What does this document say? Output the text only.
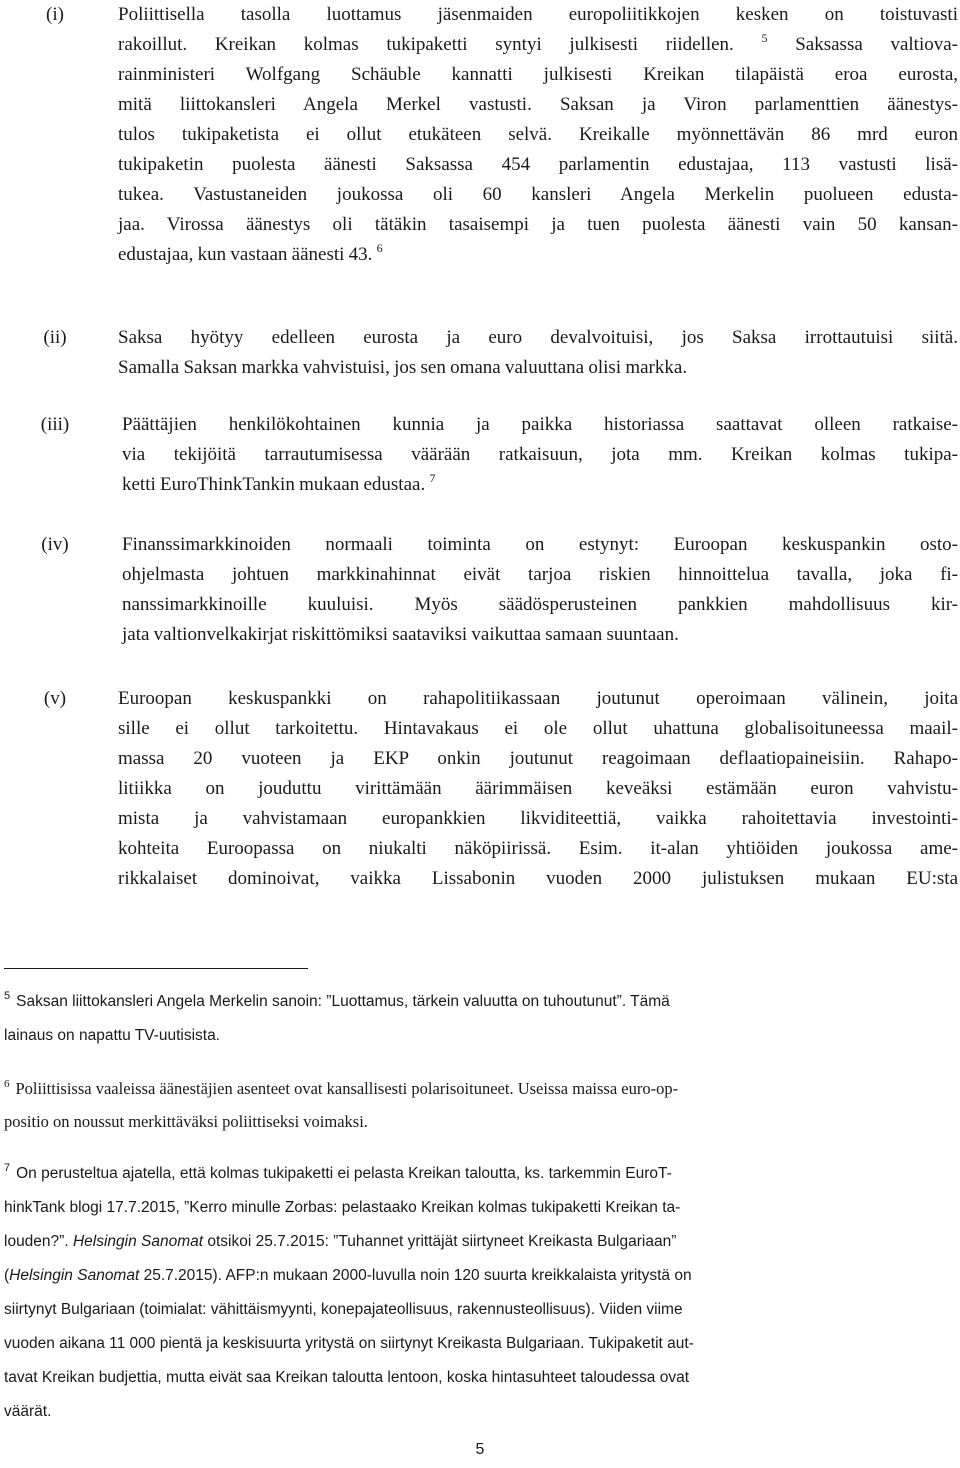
(i)	Poliittisella tasolla luottamus jäsenmaiden europoliitikkojen kesken on toistuvasti
rakoillut. Kreikan kolmas tukipaketti syntyi julkisesti riidellen. $^5$ Saksassa valtiova-
rainministeri Wolfgang Schäuble kannatti julkisesti Kreikan tilapäistä eroa eurosta,
mitä liittokansleri Angela Merkel vastusti. Saksan ja Viron parlamenttien äänestys-
tulos tukipaketista ei ollut etukäteen selvä. Kreikalle myönnettävän 86 mrd euron
tukipaketin puolesta äänesti Saksassa 454 parlamentin edustajaa, 113 vastusti lisä-
tukea. Vastustaneiden joukossa oli 60 kansleri Angela Merkelin puolueen edusta-
jaa. Virossa äänestys oli tätäkin tasaisempi ja tuen puolesta äänesti vain 50 kansan-
edustajaa, kun vastaan äänesti 43. $^6$
(ii)	Saksa hyötyy edelleen eurosta ja euro devalvoituisi, jos Saksa irrottautuisi siitä.
Samalla Saksan markka vahvistuisi, jos sen omana valuuttana olisi markka.
(iii)	Päättäjien henkilökohtainen kunnia ja paikka historiassa saattavat olleen ratkaise-
via tekijöitä tarrautumisessa väärään ratkaisuun, jota mm. Kreikan kolmas tukipa-
ketti EuroThinkTankin mukaan edustaa. $^7$
(iv)	Finanssimarkkinoiden normaali toiminta on estynyt: Euroopan keskuspankin osto-
ohjelmasta johtuen markkinahinnat eivät tarjoa riskien hinnoittelua tavalla, joka fi-
nanssimarkkinoille kuuluisi. Myös säädösperusteinen pankkien mahdollisuus kir-
jata valtionvelkakirjat riskittömiksi saataviksi vaikuttaa samaan suuntaan.
(v)	Euroopan keskuspankki on rahapolitiikassaan joutunut operoimaan välinein, joita
sille ei ollut tarkoitettu. Hintavakaus ei ole ollut uhattuna globalisoituneessa maail-
massa 20 vuoteen ja EKP onkin joutunut reagoimaan deflaatiopaineisiin. Rahapo-
litiikka on jouduttu virittämään äärimmäisen keveäksi estämään euron vahvistu-
mista ja vahvistamaan europankkien likviditeettiä, vaikka rahoitettavia investointi-
kohteita Euroopassa on niukalti näköpiirissä. Esim. it-alan yhtiöiden joukossa ame-
rikkalaiset dominoivat, vaikka Lissabonin vuoden 2000 julistuksen mukaan EU:sta
$^5$ Saksan liittokansleri Angela Merkelin sanoin: ”Luottamus, tärkein valuutta on tuhoutunut”. Tämä
lainaus on napattu TV-uutisista.
$^6$ Poliittisissa vaaleissa äänestäjien asenteet ovat kansallisesti polarisoituneet. Useissa maissa euro-op-
positio on noussut merkittäväksi poliittiseksi voimaksi.
$^7$ On perusteltua ajatella, että kolmas tukipaketti ei pelasta Kreikan taloutta, ks. tarkemmin EuroT-
hinkTank blogi 17.7.2015, ”Kerro minulle Zorbas: pelastaako Kreikan kolmas tukipaketti Kreikan ta-
louden?”. Helsingin Sanomat otsikoi 25.7.2015: ”Tuhannet yrittäjät siirtyneet Kreikasta Bulgariaan”
(Helsingin Sanomat 25.7.2015). AFP:n mukaan 2000-luvulla noin 120 suurta kreikkalaista yritystä on
siirtynyt Bulgariaan (toimialat: vähittäismyynti, konepajateollisuus, rakennusteollisuus). Viiden viime
vuoden aikana 11 000 pientä ja keskisuurta yritystä on siirtynyt Kreikasta Bulgariaan. Tukipaketit aut-
tavat Kreikan budjettia, mutta eivät saa Kreikan taloutta lentoon, koska hintasuhteet taloudessa ovat
väärät.
5
